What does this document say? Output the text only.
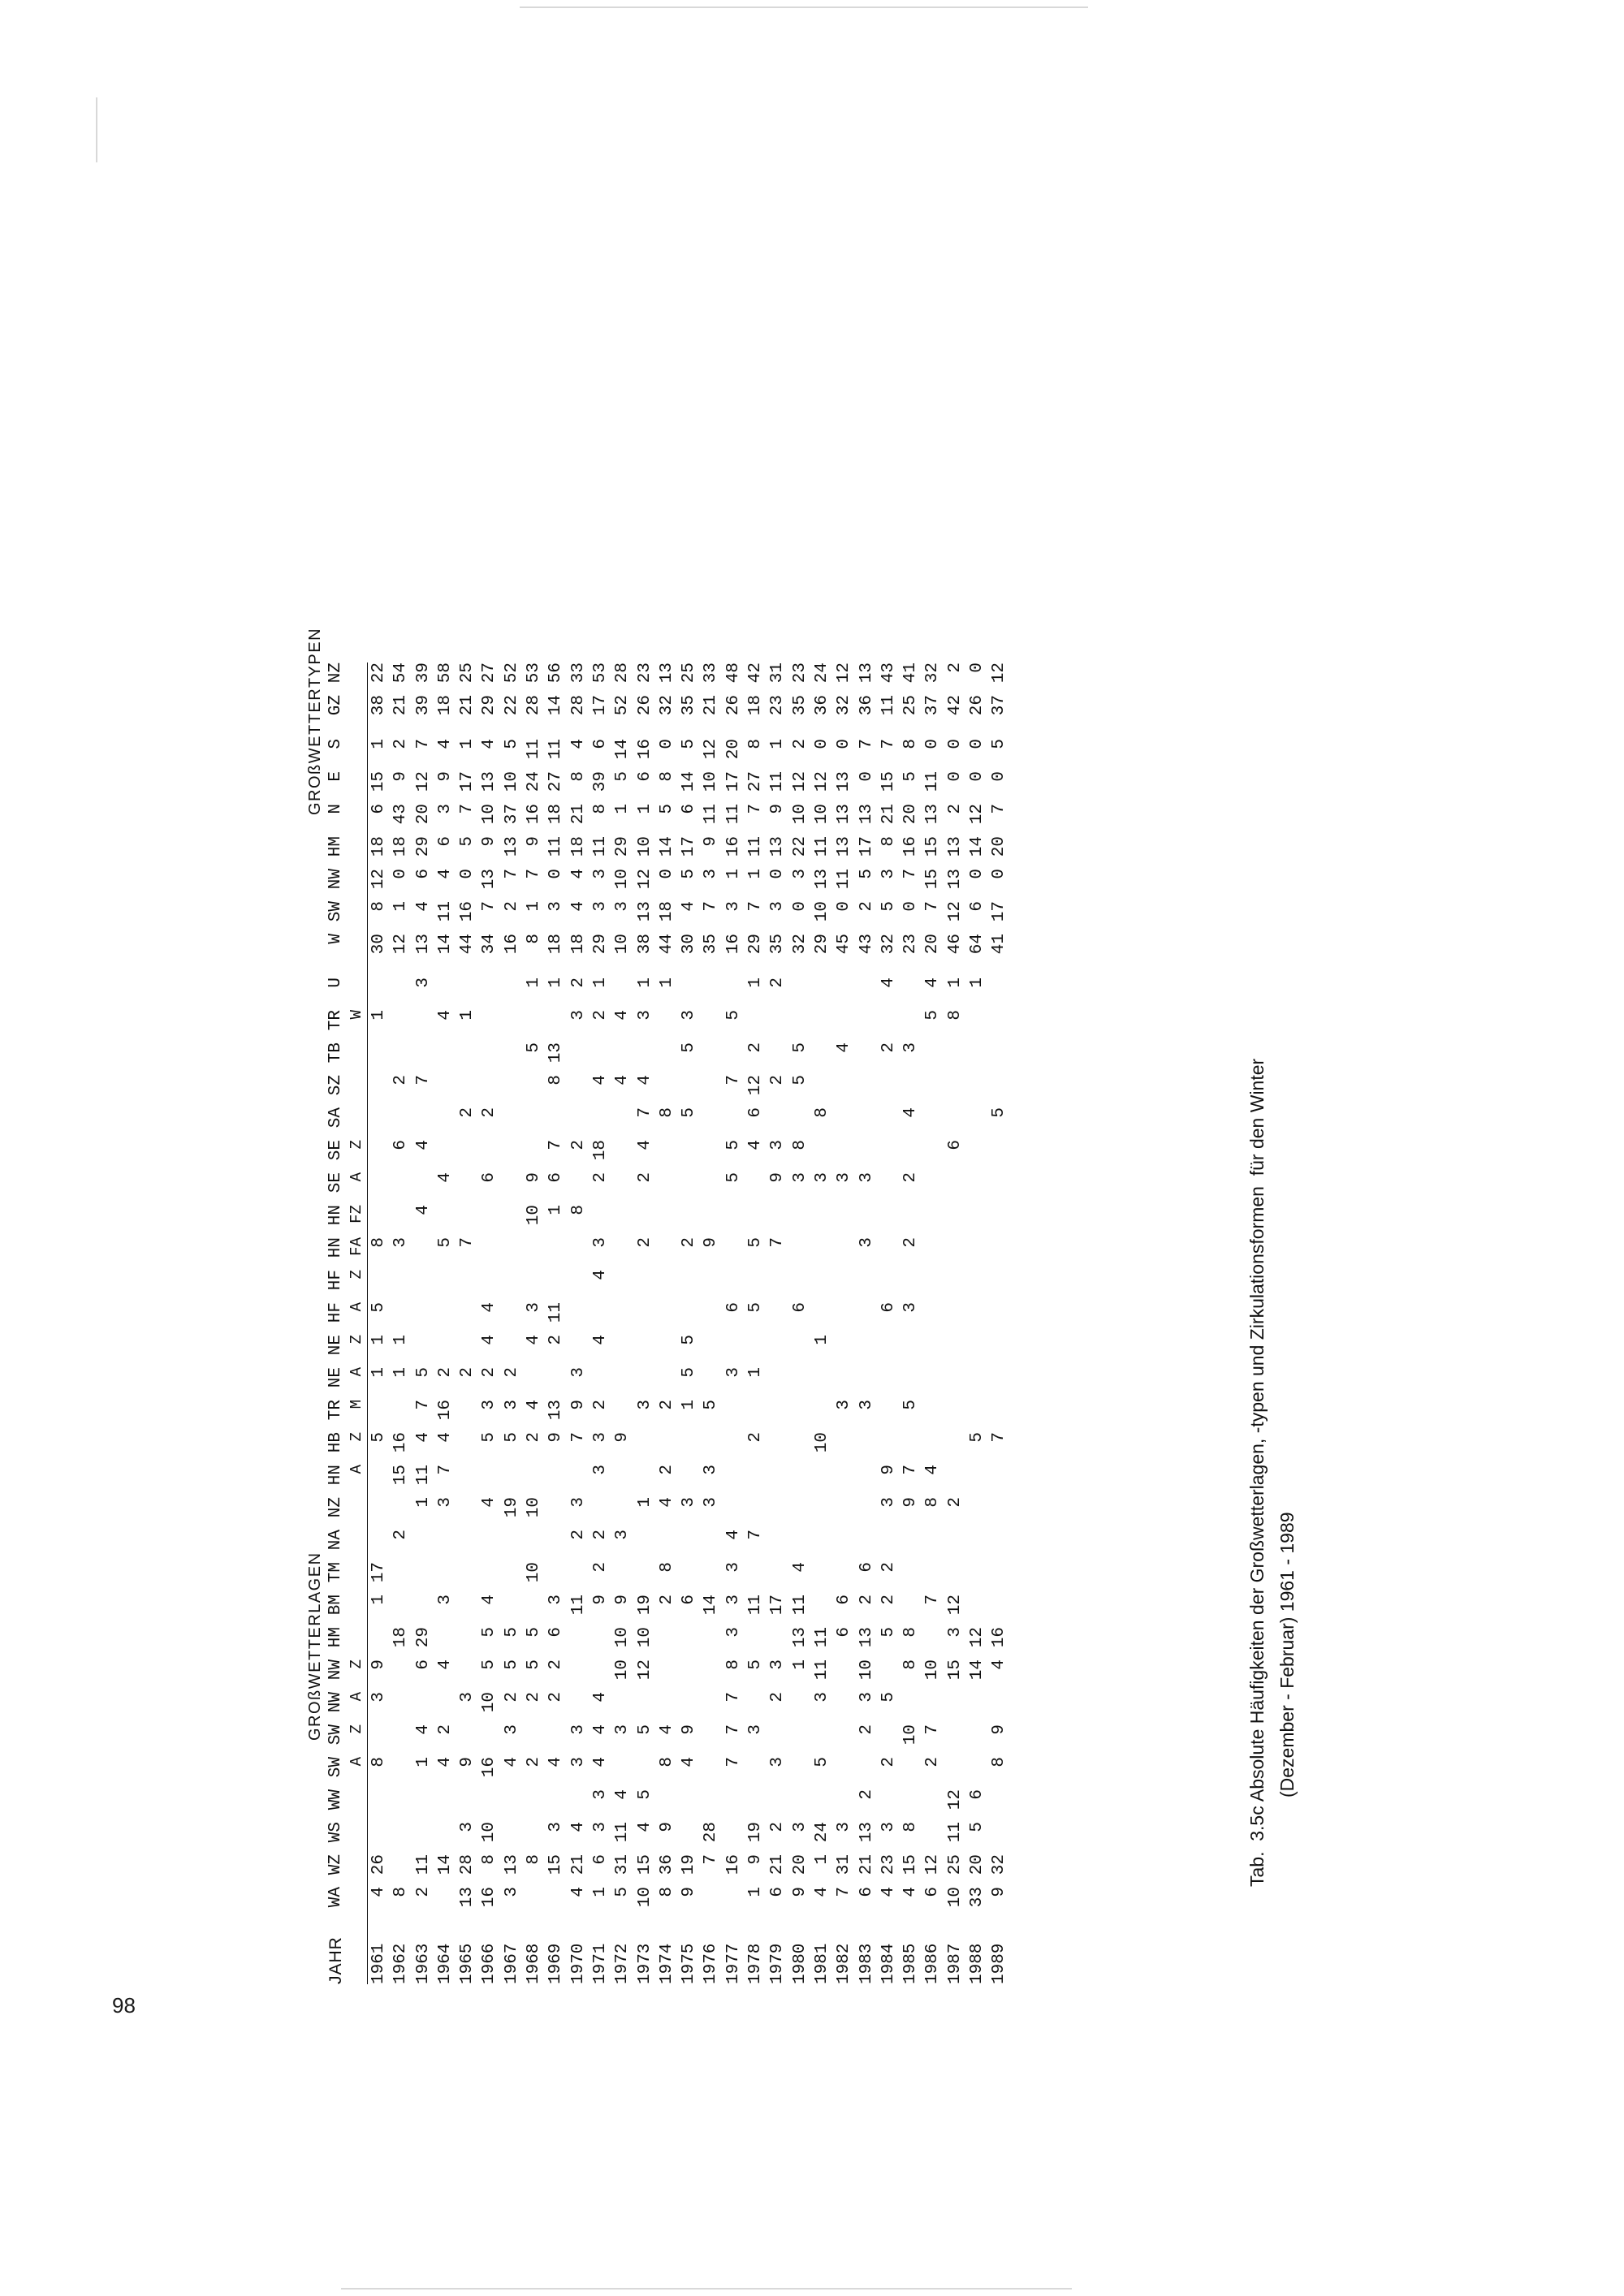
98
GROßWETTERLAGEN
GROßWETTERTYPEN
JAHR	WA	WZ	WS	WW	SW	SW	NW	NW	HM	BM	TM	NA	NZ	HN	HB	TR	NE	NE	HF	HF	HN	HN	SE	SE	SA	SZ	TB	TR	U	W	SW	NW	HM	N	E	S	GZ	NZ
					A	Z	A	Z						A	Z	M	A	Z	A	Z	FA	FZ	A	Z				W										

1961	4	26			8		3	9		1	17				5		1	1	5		8							1		30	8	12	18	6	15	1	38	22
1962	8								18			2		15	16		1	1			3			6		2				12	1	0	18	43	9	2	21	54
1963	2	11			1	4		6	29				1	11	4	7	5					4		4		7			3	13	4	6	29	20	12	7	39	39
1964		14			4	2		4		3			3	7	4	16	2				5		4					4		14	11	4	6	3	9	4	18	58
1965	13	28	3		9		3										2				7				2			1		44	16	0	5	7	17	1	21	25
1966	16	8	10		16		10	5	5	4			4		5	3	2	4	4				6		2					34	7	13	9	10	13	4	29	27
1967	3	13			4	3	2	5	5				19		5	3	2													16	2	7	13	37	10	5	22	52
1968		8			2		2	5	5		10		10		2	4		4	3			10	9				5		1	8	1	7	9	16	24	11	28	53
1969		15	3		4		2	2	6	3					9	13		2	11			1	6	7		8	13		1	18	3	0	11	18	27	11	14	56
1970	4	21	4		3	3				11		2	3		7	9	3					8		2				3	2	18	4	4	18	21	8	4	28	33
1971	1	6	3	3	4	4	4			9	2	2		3	3	2		4		4	3		2	18		4		2	1	29	3	3	11	8	39	6	17	53
1972	5	31	11	4		3		10	10	9		3			9											4		4		10	3	10	29	1	5	14	52	28
1973	10	15	4	5		5		12	10	19			1			3					2		2	4	7	4		3	1	38	13	12	10	1	6	16	26	23
1974	8	36	9		8	4				2	8		4	2		2									8				1	44	18	0	14	5	8	0	32	13
1975	9	19			4	9				6			3			1	5	5			2				5		5	3		30	4	5	17	6	14	5	35	25
1976		7	28							14			3	3		5					9									35	7	3	9	11	10	12	21	33
1977		16			7	7	7	8	3	3	3	4					3		6				5	5		7		5		16	3	1	16	11	17	20	26	48
1978	1	9	19			3		5		11		7			2		1		5		5			4	6	12	2		1	29	7	1	11	7	27	8	18	42
1979	6	21	2		3		2	3		17											7		9	3		2			2	35	3	0	13	9	11	1	23	31
1980	9	20	3					1	13	11	4								6				3	8		5	5			32	0	3	22	10	12	2	35	23
1981	4	1	24		5		3	11	11						10			1					3		8					29	10	13	11	10	12	0	36	24
1982	7	31	3						6	6						3							3				4			45	0	11	13	13	13	0	32	12
1983	6	21	13	2		2	3	10	13	2	6					3					3		3							43	2	5	17	13	0	7	36	13
1984	4	23	3		2		5		5	2	2		3	9					6								2		4	32	5	3	8	21	15	7	11	43
1985	4	15	8			10		8	8				9	7		5			3		2		2		4		3			23	0	7	16	20	5	8	25	41
1986	6	12			2	7		10		7			8	4														5	4	20	7	15	15	13	11	0	37	32
1987	10	25	11	12				15	3	12			2											6				8	1	46	12	13	13	2	0	0	42	2
1988	33	20	5	6				14	12						5														1	64	6	0	14	12	0	0	26	0
1989	9	32			8	9		4	16						7										5					41	17	0	20	7	0	5	37	12
Tab.  3.5c Absolute Häufigkeiten der Großwetterlagen, -typen und Zirkulationsformen  für den Winter (Dezember - Februar) 1961 - 1989
